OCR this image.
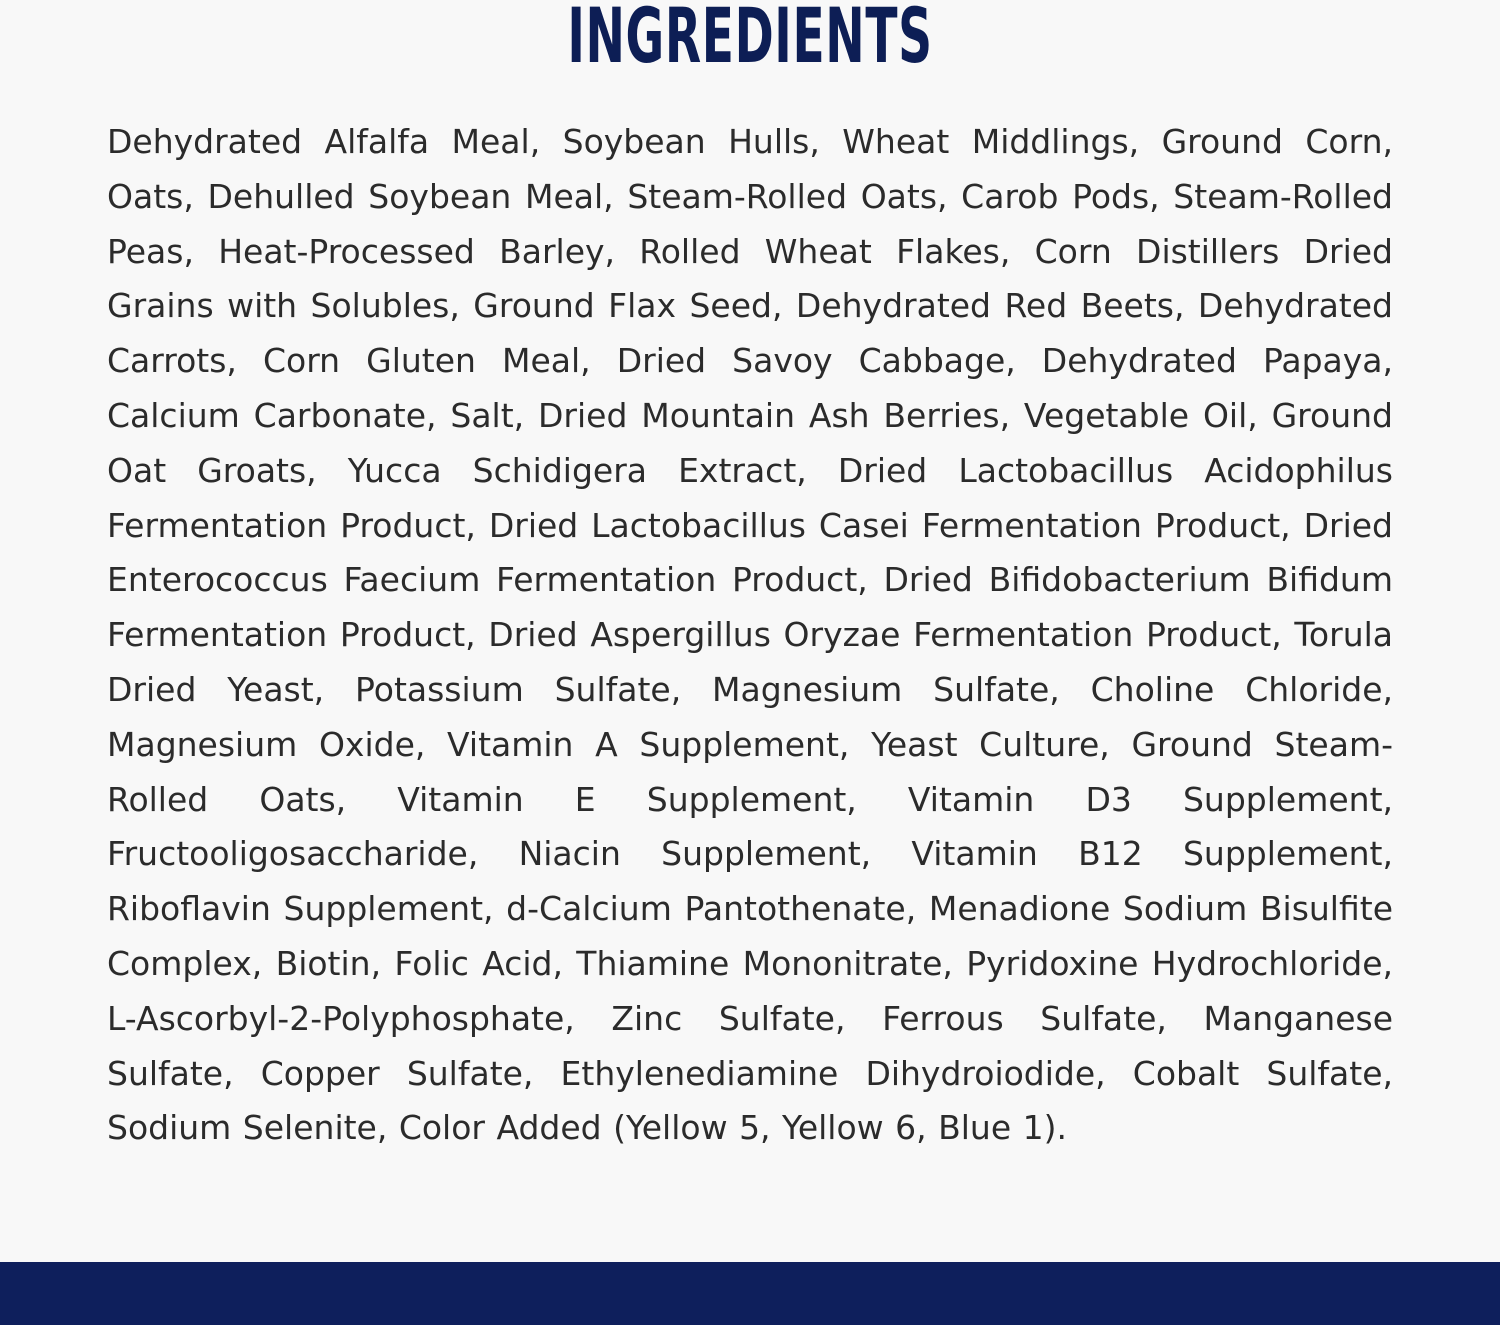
INGREDIENTS

Dehydrated Alfalfa Meal, Soybean Hulls, Wheat Middlings, Ground Corn, Oats, Dehulled Soybean Meal, Steam-Rolled Oats, Carob Pods, Steam-Rolled Peas, Heat-Processed Barley, Rolled Wheat Flakes, Corn Distillers Dried Grains with Solubles, Ground Flax Seed, Dehydrated Red Beets, Dehydrated Carrots, Corn Gluten Meal, Dried Savoy Cabbage, Dehydrated Papaya, Calcium Carbonate, Salt, Dried Mountain Ash Berries, Vegetable Oil, Ground Oat Groats, Yucca Schidigera Extract, Dried Lactobacillus Acidophilus Fermentation Product, Dried Lactobacillus Casei Fermentation Product, Dried Enterococcus Faecium Fermentation Product, Dried Bifidobacterium Bifidum Fermentation Product, Dried Aspergillus Oryzae Fermentation Product, Torula Dried Yeast, Potassium Sulfate, Magnesium Sulfate, Choline Chloride, Magnesium Oxide, Vitamin A Supplement, Yeast Culture, Ground Steam-Rolled Oats, Vitamin E Supplement, Vitamin D3 Supplement, Fructooligosaccharide, Niacin Supplement, Vitamin B12 Supplement, Riboflavin Supplement, d-Calcium Pantothenate, Menadione Sodium Bisulfite Complex, Biotin, Folic Acid, Thiamine Mononitrate, Pyridoxine Hydrochloride, L-Ascorbyl-2-Polyphosphate, Zinc Sulfate, Ferrous Sulfate, Manganese Sulfate, Copper Sulfate, Ethylenediamine Dihydroiodide, Cobalt Sulfate, Sodium Selenite, Color Added (Yellow 5, Yellow 6, Blue 1).
